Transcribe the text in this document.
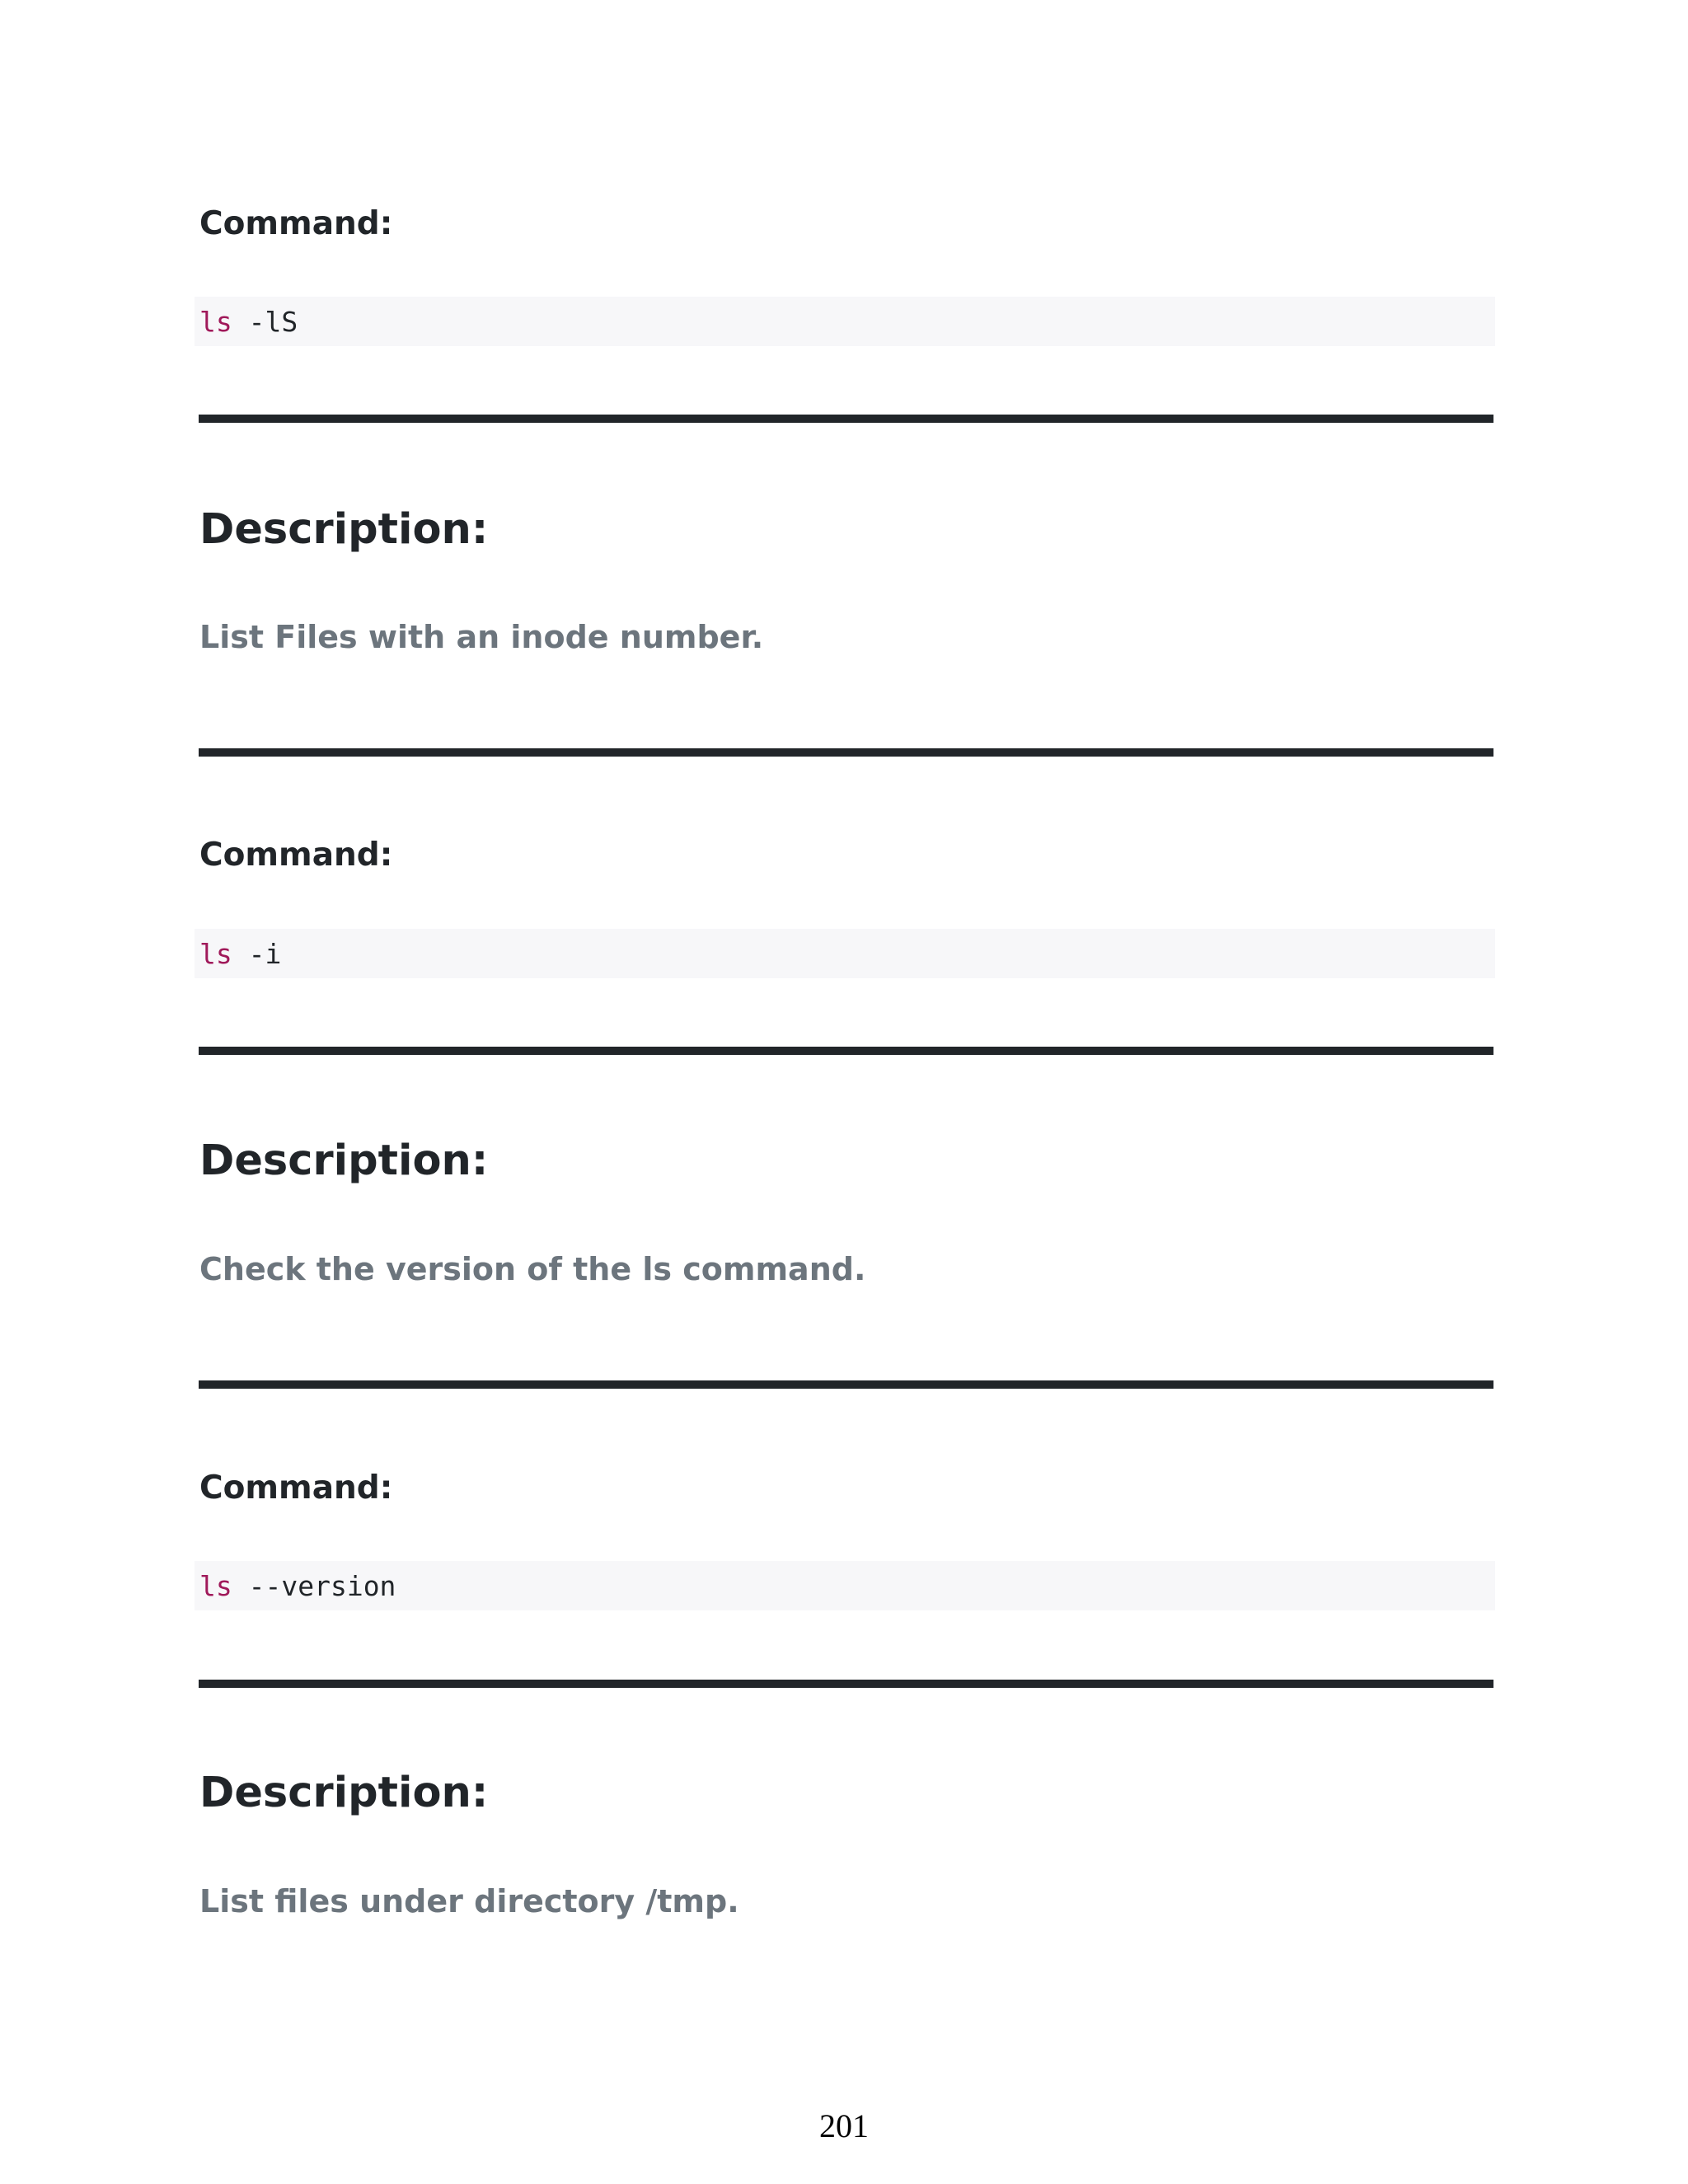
Command:
ls -lS
Description:

List Files with an inode number.

Command:
ls -i
Description:

Check the version of the ls command.

Command:
ls --version
Description:

List files under directory /tmp.

201
